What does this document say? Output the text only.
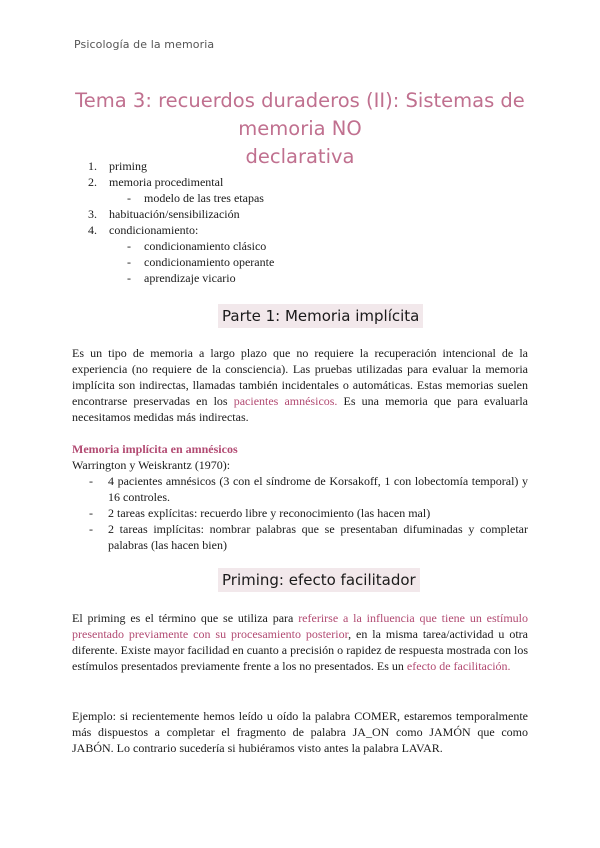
Psicología de la memoria
Tema 3: recuerdos duraderos (II): Sistemas de memoria NO
declarativa
1. priming
2. memoria procedimental
- modelo de las tres etapas
3. habituación/sensibilización
4. condicionamiento:
- condicionamiento clásico
- condicionamiento operante
- aprendizaje vicario
Parte 1: Memoria implícita

Es un tipo de memoria a largo plazo que no requiere la recuperación intencional de la experiencia (no requiere de la consciencia). Las pruebas utilizadas para evaluar la memoria implícita son indirectas, llamadas también incidentales o automáticas. Estas memorias suelen encontrarse preservadas en los pacientes amnésicos. Es una memoria que para evaluarla necesitamos medidas más indirectas.

Memoria implícita en amnésicos
Warrington y Weiskrantz (1970):
- 4 pacientes amnésicos (3 con el síndrome de Korsakoff, 1 con lobectomía temporal) y 16 controles.
- 2 tareas explícitas: recuerdo libre y reconocimiento (las hacen mal)
- 2 tareas implícitas: nombrar palabras que se presentaban difuminadas y completar palabras (las hacen bien)
Priming: efecto facilitador

El priming es el término que se utiliza para referirse a la influencia que tiene un estímulo presentado previamente con su procesamiento posterior, en la misma tarea/actividad u otra diferente. Existe mayor facilidad en cuanto a precisión o rapidez de respuesta mostrada con los estímulos presentados previamente frente a los no presentados. Es un efecto de facilitación.

Ejemplo: si recientemente hemos leído u oído la palabra COMER, estaremos temporalmente más dispuestos a completar el fragmento de palabra JA_ON como JAMÓN que como JABÓN. Lo contrario sucedería si hubiéramos visto antes la palabra LAVAR.
